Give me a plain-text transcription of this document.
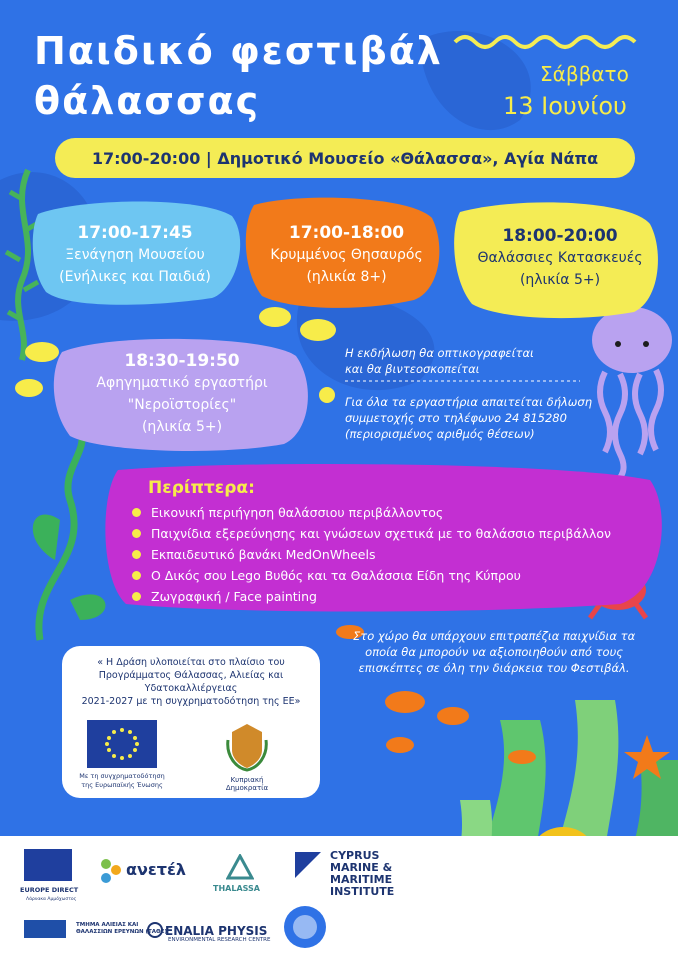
Παιδικό φεστιβάλ
θάλασσας
Σάββατο
13 Ιουνίου
17:00-20:00 | Δημοτικό Μουσείο «Θάλασσα», Αγία Νάπα
17:00-17:45
Ξενάγηση Μουσείου
(Ενήλικες και Παιδιά)
17:00-18:00
Κρυμμένος Θησαυρός
(ηλικία 8+)
18:00-20:00
Θαλάσσιες Κατασκευές
(ηλικία 5+)
18:30-19:50
Αφηγηματικό εργαστήρι
"Νεροϊστορίες"
(ηλικία 5+)
Η εκδήλωση θα οπτικογραφείται
και θα βιντεοσκοπείται
Για όλα τα εργαστήρια απαιτείται δήλωση
συμμετοχής στο τηλέφωνο 24 815280
(περιορισμένος αριθμός θέσεων)
Περίπτερα:
Εικονική περιήγηση θαλάσσιου περιβάλλοντος
Παιχνίδια εξερεύνησης και γνώσεων σχετικά με το θαλάσσιο περιβάλλον
Εκπαιδευτικό βανάκι MedOnWheels
Ο Δικός σου Lego Βυθός και τα Θαλάσσια Είδη της Κύπρου
Ζωγραφική / Face painting
Στο χώρο θα υπάρχουν επιτραπέζια παιχνίδια τα
οποία θα μπορούν να αξιοποιηθούν από τους
επισκέπτες σε όλη την διάρκεια του Φεστιβάλ.
« Η Δράση υλοποιείται στο πλαίσιο του
Προγράμματος Θάλασσας, Αλιείας και Υδατοκαλλιέργειας
2021-2027 με τη συγχρηματοδότηση της ΕΕ»
Με τη συγχρηματοδότηση
της Ευρωπαϊκής Ένωσης
Κυπριακή Δημοκρατία
EUROPE DIRECT
Λάρνακα Αμμόχωστος
ανετέλ
THALASSA
CYPRUS
MARINE &
MARITIME
INSTITUTE
ΤΜΗΜΑ ΑΛΙΕΙΑΣ ΚΑΙ
ΘΑΛΑΣΣΙΩΝ ΕΡΕΥΝΩΝ (ΤΑΘΕ)
ENALIA PHYSIS
ENVIRONMENTAL RESEARCH CENTRE
